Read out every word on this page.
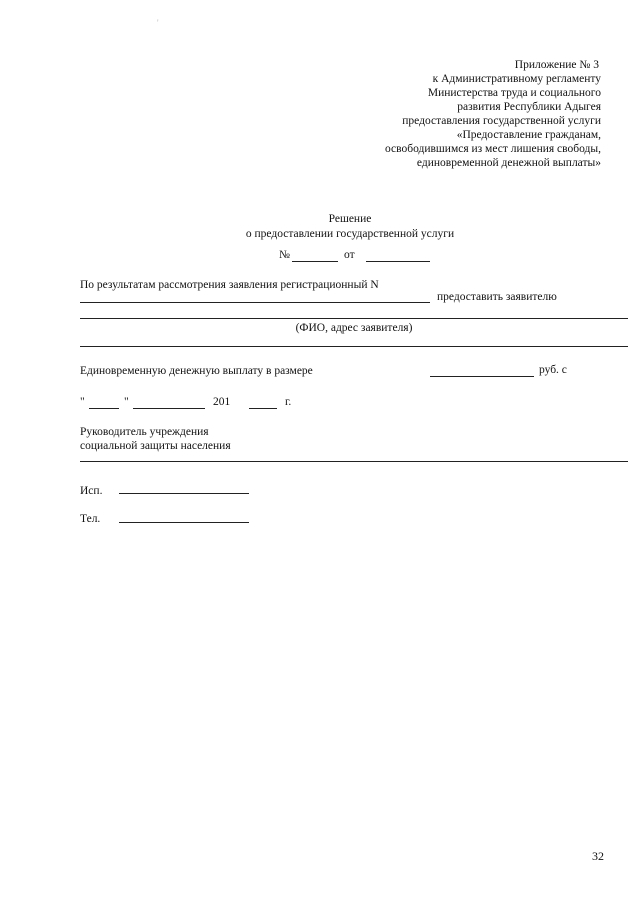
'
Приложение № 3
к Административному регламенту
Министерства труда и социального
развития Республики Адыгея
предоставления государственной услуги
«Предоставление гражданам,
освободившимся из мест лишения свободы,
единовременной денежной выплаты»
Решение
о предоставлении государственной услуги
№	от
По результатам рассмотрения заявления регистрационный N
предоставить заявителю
(ФИО, адрес заявителя)
Единовременную денежную выплату в размере	руб. с
"	"	201	г.
Руководитель учреждения
социальной защиты населения
Исп.
Тел.
32
